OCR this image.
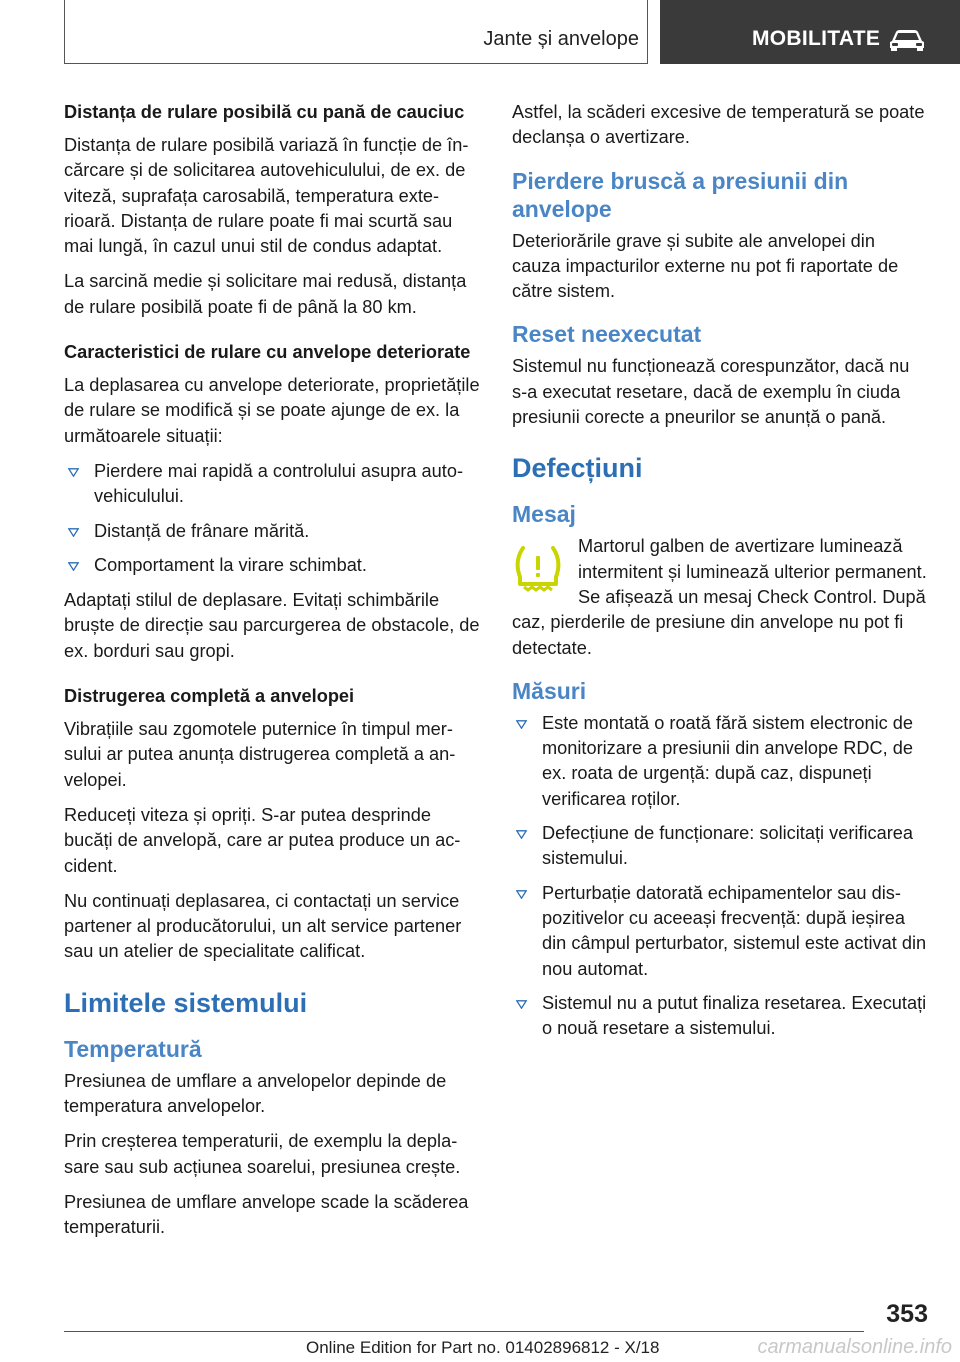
Jante și anvelope	MOBILITATE
Distanța de rulare posibilă cu pană de cauciuc

Distanța de rulare posibilă variază în funcție de încărcare și de solicitarea autovehiculului, de ex. de viteză, suprafața carosabilă, temperatura exterioară. Distanța de rulare poate fi mai scurtă sau mai lungă, în cazul unui stil de condus adaptat.

La sarcină medie și solicitare mai redusă, distanța de rulare posibilă poate fi de până la 80 km.

Caracteristici de rulare cu anvelope deteriorate

La deplasarea cu anvelope deteriorate, proprietățile de rulare se modifică și se poate ajunge de ex. la următoarele situații:

Pierdere mai rapidă a controlului asupra autovehiculului.
Distanță de frânare mărită.
Comportament la virare schimbat.

Adaptați stilul de deplasare. Evitați schimbările bruște de direcție sau parcurgerea de obstacole, de ex. borduri sau gropi.

Distrugerea completă a anvelopei

Vibrațiile sau zgomotele puternice în timpul mersului ar putea anunța distrugerea completă a anvelopei.

Reduceți viteza și opriți. S-ar putea desprinde bucăți de anvelopă, care ar putea produce un accident.

Nu continuați deplasarea, ci contactați un service partener al producătorului, un alt service partener sau un atelier de specialitate calificat.

Limitele sistemului
Temperatură

Presiunea de umflare a anvelopelor depinde de temperatura anvelopelor.

Prin creșterea temperaturii, de exemplu la deplasare sau sub acțiunea soarelui, presiunea crește.

Presiunea de umflare anvelope scade la scăderea temperaturii.

Astfel, la scăderi excesive de temperatură se poate declanșa o avertizare.

Pierdere bruscă a presiunii din anvelope

Deteriorările grave și subite ale anvelopei din cauza impacturilor externe nu pot fi raportate de către sistem.

Reset neexecutat

Sistemul nu funcționează corespunzător, dacă nu s-a executat resetare, dacă de exemplu în ciuda presiunii corecte a pneurilor se anunță o pană.

Defecțiuni
Mesaj

Martorul galben de avertizare luminează intermitent și luminează ulterior permanent. Se afișează un mesaj Check Control. După caz, pierderile de presiune din anvelope nu pot fi detectate.

Măsuri
Este montată o roată fără sistem electronic de monitorizare a presiunii din anvelope RDC, de ex. roata de urgență: după caz, dispuneți verificarea roților.
Defecțiune de funcționare: solicitați verificarea sistemului.
Perturbație datorată echipamentelor sau dispozitivelor cu aceeași frecvență: după ieșirea din câmpul perturbator, sistemul este activat din nou automat.
Sistemul nu a putut finaliza resetarea. Executați o nouă resetare a sistemului.
353
Online Edition for Part no. 01402896812 - X/18	carmanualsonline.info
